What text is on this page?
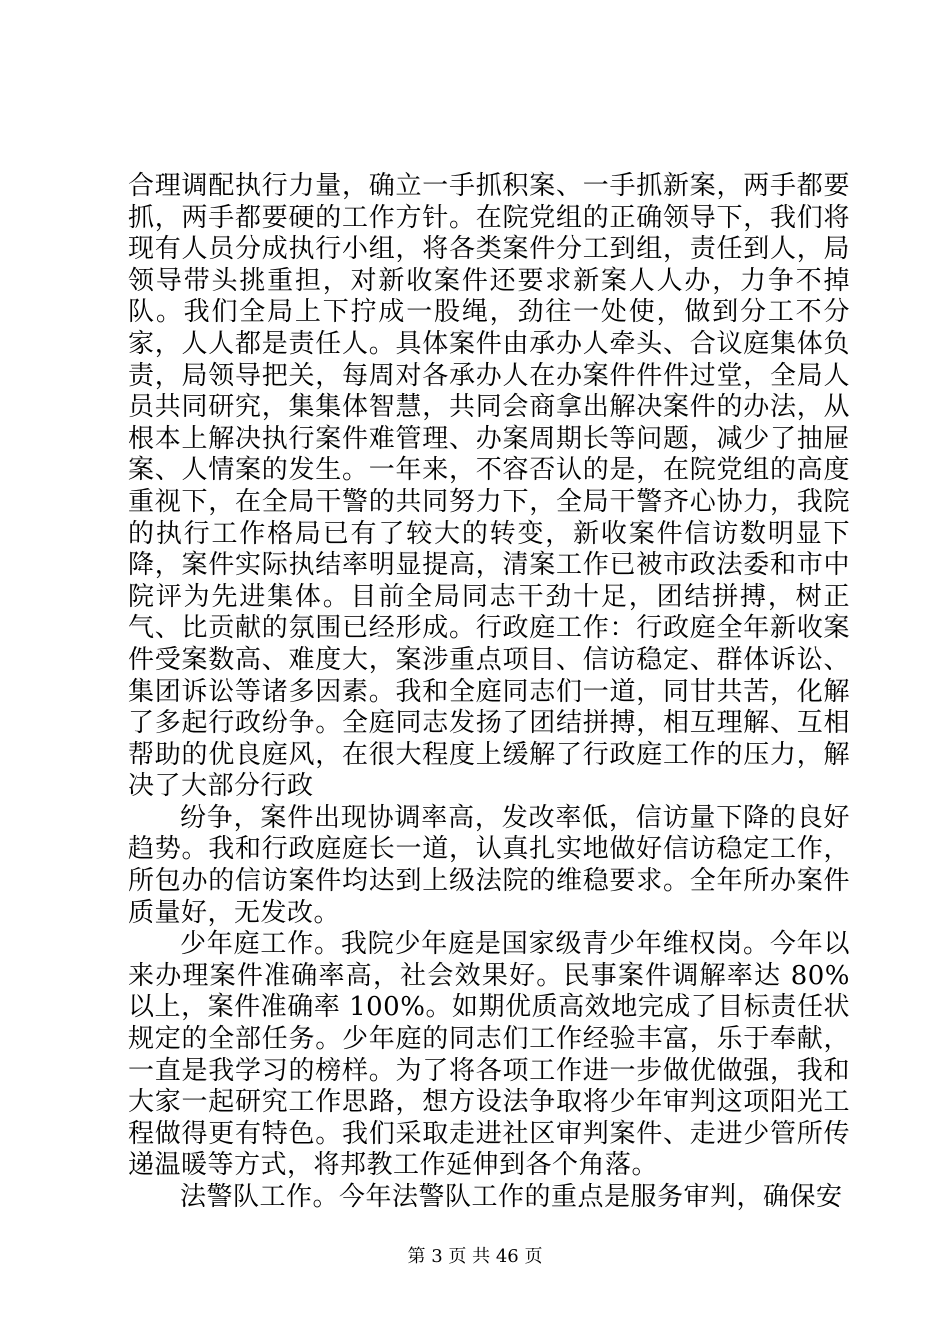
合理调配执行力量，确立一手抓积案、一手抓新案，两手都要抓，两手都要硬的工作方针。在院党组的正确领导下，我们将现有人员分成执行小组，将各类案件分工到组，责任到人，局领导带头挑重担，对新收案件还要求新案人人办，力争不掉队。我们全局上下拧成一股绳，劲往一处使，做到分工不分家，人人都是责任人。具体案件由承办人牵头、合议庭集体负责，局领导把关，每周对各承办人在办案件件件过堂，全局人员共同研究，集集体智慧，共同会商拿出解决案件的办法，从根本上解决执行案件难管理、办案周期长等问题，减少了抽屉案、人情案的发生。一年来，不容否认的是，在院党组的高度重视下，在全局干警的共同努力下，全局干警齐心协力，我院的执行工作格局已有了较大的转变，新收案件信访数明显下降，案件实际执结率明显提高，清案工作已被市政法委和市中院评为先进集体。目前全局同志干劲十足，团结拼搏，树正气、比贡献的氛围已经形成。行政庭工作：行政庭全年新收案件受案数高、难度大，案涉重点项目、信访稳定、群体诉讼、集团诉讼等诸多因素。我和全庭同志们一道，同甘共苦，化解了多起行政纷争。全庭同志发扬了团结拼搏，相互理解、互相帮助的优良庭风，在很大程度上缓解了行政庭工作的压力，解决了大部分行政

纷争，案件出现协调率高，发改率低，信访量下降的良好趋势。我和行政庭庭长一道，认真扎实地做好信访稳定工作，所包办的信访案件均达到上级法院的维稳要求。全年所办案件质量好，无发改。

少年庭工作。我院少年庭是国家级青少年维权岗。今年以来办理案件准确率高，社会效果好。民事案件调解率达 80%以上，案件准确率 100%。如期优质高效地完成了目标责任状规定的全部任务。少年庭的同志们工作经验丰富，乐于奉献，一直是我学习的榜样。为了将各项工作进一步做优做强，我和大家一起研究工作思路，想方设法争取将少年审判这项阳光工程做得更有特色。我们采取走进社区审判案件、走进少管所传递温暖等方式，将邦教工作延伸到各个角落。

法警队工作。今年法警队工作的重点是服务审判，确保安

第 3 页 共 46 页
